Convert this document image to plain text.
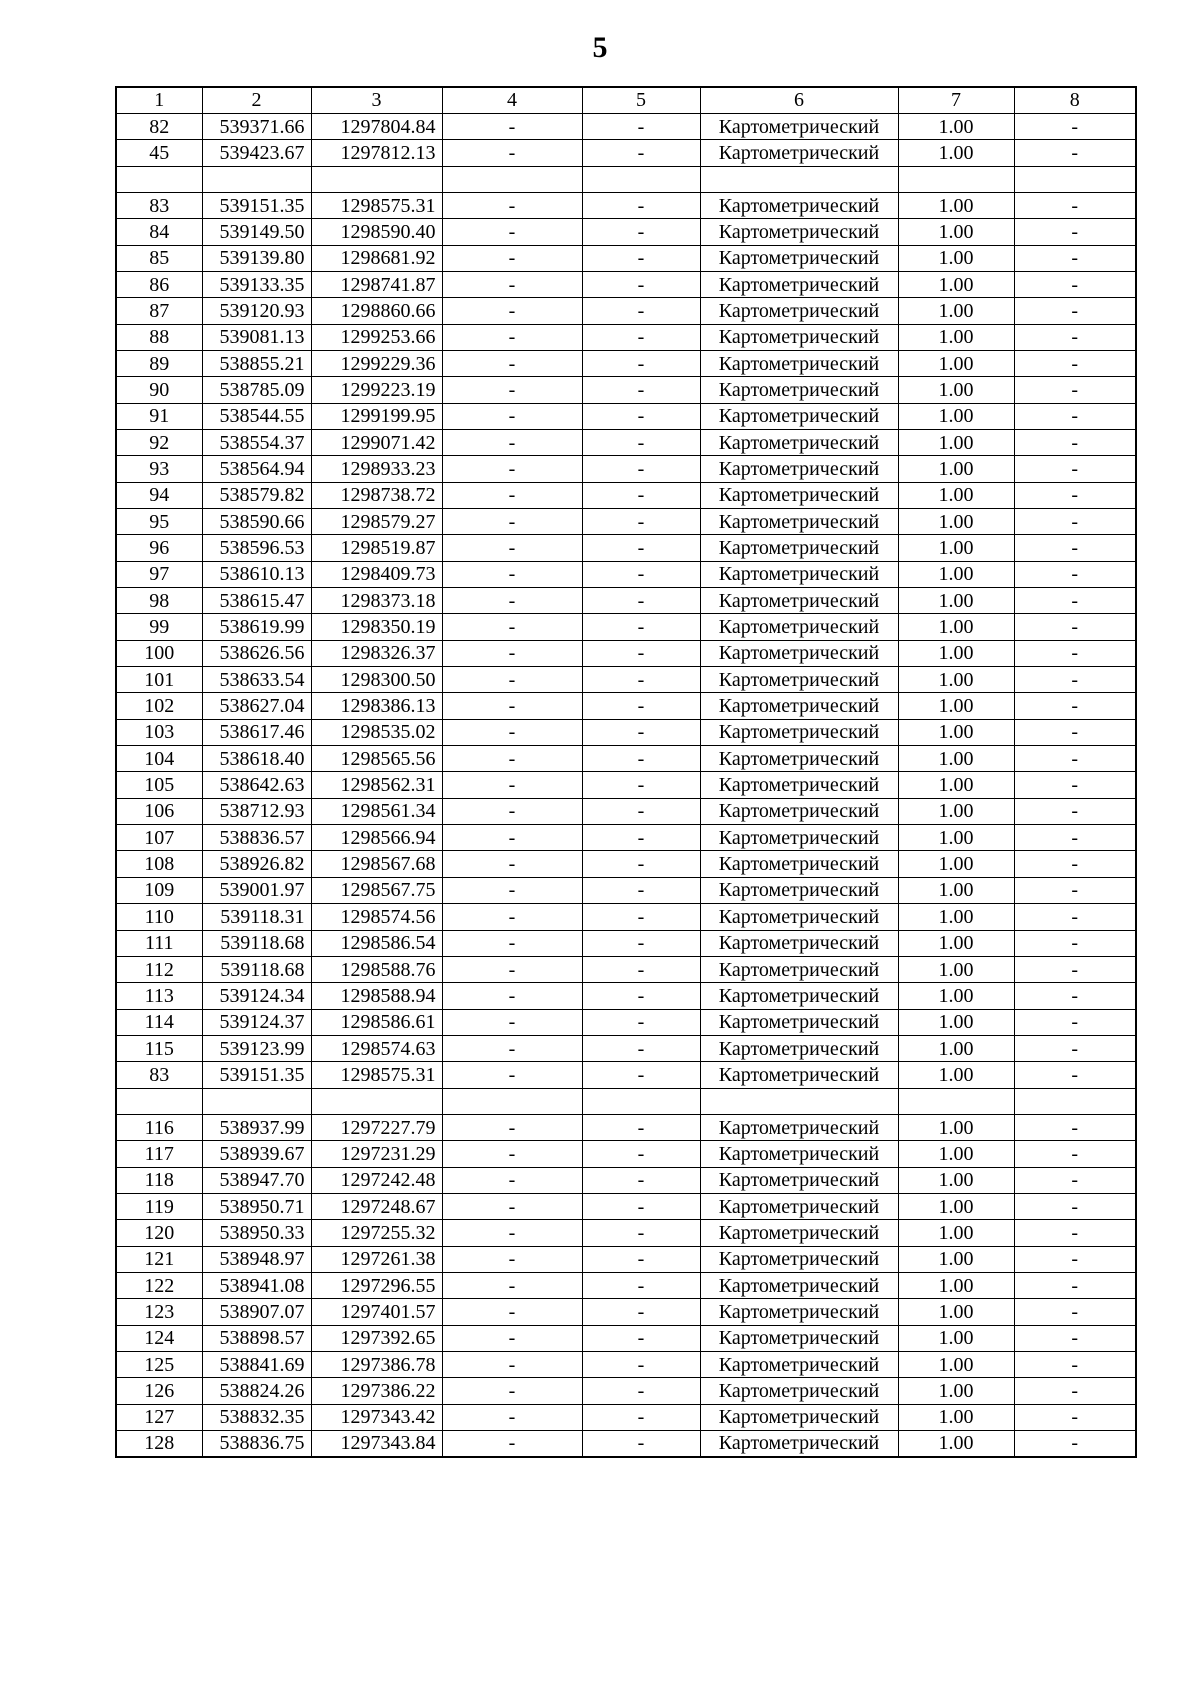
5
1	2	3	4	5	6	7	8
82	539371.66	1297804.84	-	-	Картометрический	1.00	-
45	539423.67	1297812.13	-	-	Картометрический	1.00	-

83	539151.35	1298575.31	-	-	Картометрический	1.00	-
84	539149.50	1298590.40	-	-	Картометрический	1.00	-
85	539139.80	1298681.92	-	-	Картометрический	1.00	-
86	539133.35	1298741.87	-	-	Картометрический	1.00	-
87	539120.93	1298860.66	-	-	Картометрический	1.00	-
88	539081.13	1299253.66	-	-	Картометрический	1.00	-
89	538855.21	1299229.36	-	-	Картометрический	1.00	-
90	538785.09	1299223.19	-	-	Картометрический	1.00	-
91	538544.55	1299199.95	-	-	Картометрический	1.00	-
92	538554.37	1299071.42	-	-	Картометрический	1.00	-
93	538564.94	1298933.23	-	-	Картометрический	1.00	-
94	538579.82	1298738.72	-	-	Картометрический	1.00	-
95	538590.66	1298579.27	-	-	Картометрический	1.00	-
96	538596.53	1298519.87	-	-	Картометрический	1.00	-
97	538610.13	1298409.73	-	-	Картометрический	1.00	-
98	538615.47	1298373.18	-	-	Картометрический	1.00	-
99	538619.99	1298350.19	-	-	Картометрический	1.00	-
100	538626.56	1298326.37	-	-	Картометрический	1.00	-
101	538633.54	1298300.50	-	-	Картометрический	1.00	-
102	538627.04	1298386.13	-	-	Картометрический	1.00	-
103	538617.46	1298535.02	-	-	Картометрический	1.00	-
104	538618.40	1298565.56	-	-	Картометрический	1.00	-
105	538642.63	1298562.31	-	-	Картометрический	1.00	-
106	538712.93	1298561.34	-	-	Картометрический	1.00	-
107	538836.57	1298566.94	-	-	Картометрический	1.00	-
108	538926.82	1298567.68	-	-	Картометрический	1.00	-
109	539001.97	1298567.75	-	-	Картометрический	1.00	-
110	539118.31	1298574.56	-	-	Картометрический	1.00	-
111	539118.68	1298586.54	-	-	Картометрический	1.00	-
112	539118.68	1298588.76	-	-	Картометрический	1.00	-
113	539124.34	1298588.94	-	-	Картометрический	1.00	-
114	539124.37	1298586.61	-	-	Картометрический	1.00	-
115	539123.99	1298574.63	-	-	Картометрический	1.00	-
83	539151.35	1298575.31	-	-	Картометрический	1.00	-

116	538937.99	1297227.79	-	-	Картометрический	1.00	-
117	538939.67	1297231.29	-	-	Картометрический	1.00	-
118	538947.70	1297242.48	-	-	Картометрический	1.00	-
119	538950.71	1297248.67	-	-	Картометрический	1.00	-
120	538950.33	1297255.32	-	-	Картометрический	1.00	-
121	538948.97	1297261.38	-	-	Картометрический	1.00	-
122	538941.08	1297296.55	-	-	Картометрический	1.00	-
123	538907.07	1297401.57	-	-	Картометрический	1.00	-
124	538898.57	1297392.65	-	-	Картометрический	1.00	-
125	538841.69	1297386.78	-	-	Картометрический	1.00	-
126	538824.26	1297386.22	-	-	Картометрический	1.00	-
127	538832.35	1297343.42	-	-	Картометрический	1.00	-
128	538836.75	1297343.84	-	-	Картометрический	1.00	-
